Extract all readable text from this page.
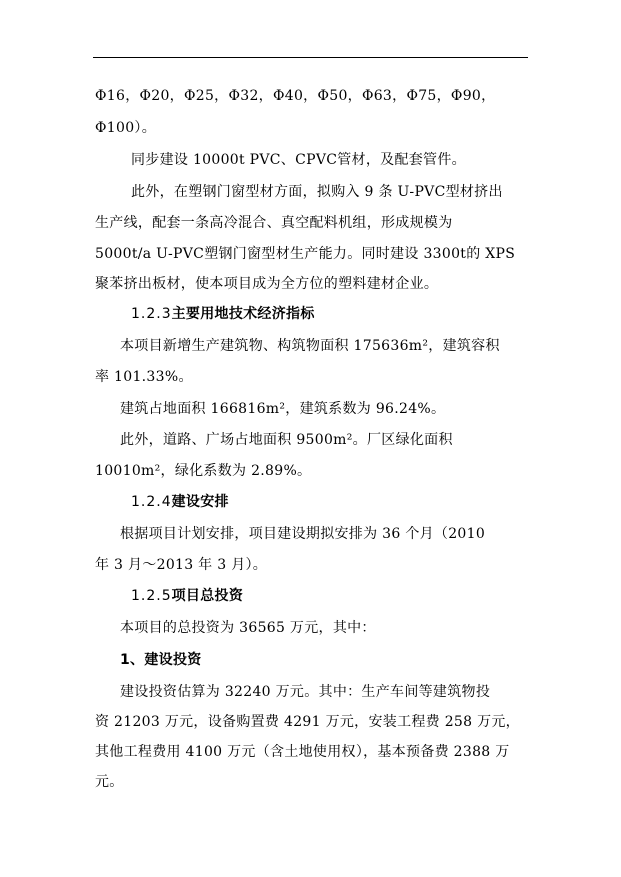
Φ16，Φ20，Φ25，Φ32，Φ40，Φ50，Φ63，Φ75，Φ90，
Φ100）。
同步建设 10000t PVC、CPVC管材，及配套管件。
此外，在塑钢门窗型材方面，拟购入 9 条 U-PVC型材挤出
生产线，配套一条高冷混合、真空配料机组，形成规模为
5000t/a U-PVC塑钢门窗型材生产能力。同时建设 3300t的 XPS
聚苯挤出板材，使本项目成为全方位的塑料建材企业。
1.2.3主要用地技术经济指标
本项目新增生产建筑物、构筑物面积 175636m²，建筑容积
率 101.33%。
建筑占地面积 166816m²，建筑系数为 96.24%。
此外，道路、广场占地面积 9500m²。厂区绿化面积
10010m²，绿化系数为 2.89%。
1.2.4建设安排
根据项目计划安排，项目建设期拟安排为 36 个月（2010
年 3 月～2013 年 3 月）。
1.2.5项目总投资
本项目的总投资为 36565 万元，其中：
1、建设投资
建设投资估算为 32240 万元。其中：生产车间等建筑物投
资 21203 万元，设备购置费 4291 万元，安装工程费 258 万元，
其他工程费用 4100 万元（含土地使用权），基本预备费 2388 万
元。
